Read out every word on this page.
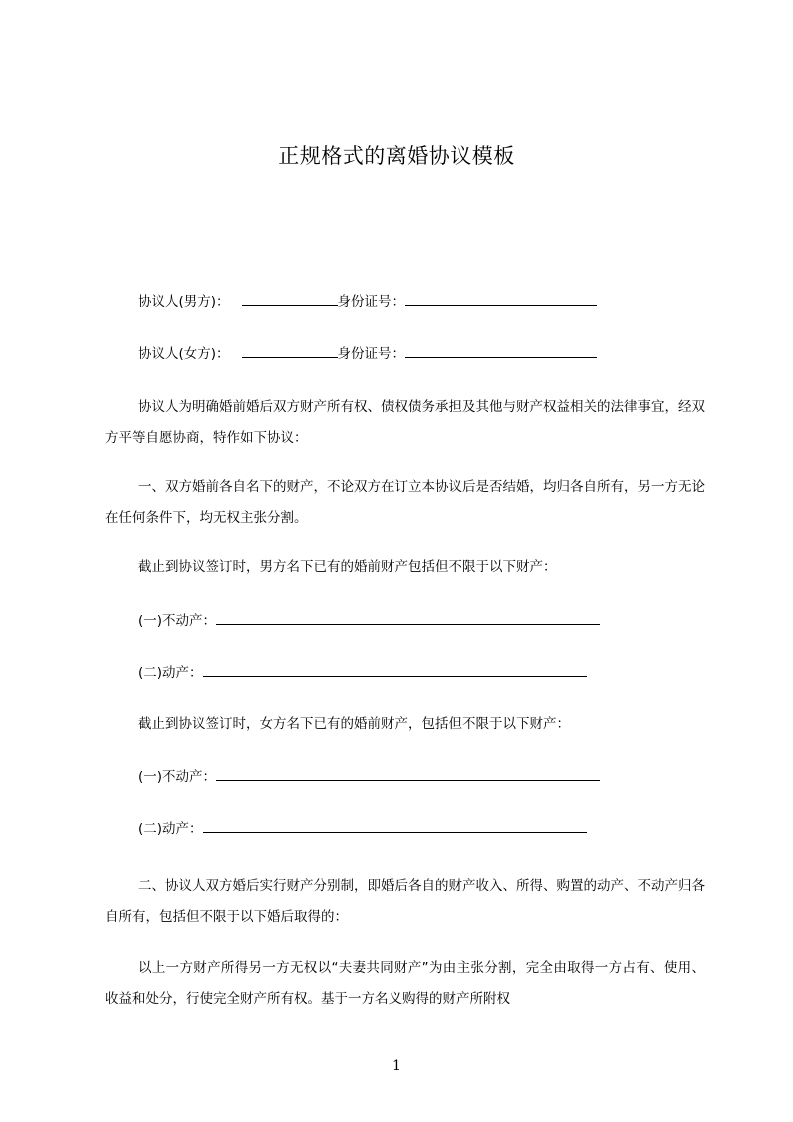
正规格式的离婚协议模板
协议人(男方)：	身份证号：
协议人(女方)：	身份证号：
协议人为明确婚前婚后双方财产所有权、债权债务承担及其他与财产权益相关的法律事宜，经双方平等自愿协商，特作如下协议：
一、双方婚前各自名下的财产，不论双方在订立本协议后是否结婚，均归各自所有，另一方无论在任何条件下，均无权主张分割。
截止到协议签订时，男方名下已有的婚前财产包括但不限于以下财产：
(一)不动产：
(二)动产：
截止到协议签订时，女方名下已有的婚前财产，包括但不限于以下财产：
(一)不动产：
(二)动产：
二、协议人双方婚后实行财产分别制，即婚后各自的财产收入、所得、购置的动产、不动产归各自所有，包括但不限于以下婚后取得的：
以上一方财产所得另一方无权以“夫妻共同财产”为由主张分割，完全由取得一方占有、使用、收益和处分，行使完全财产所有权。基于一方名义购得的财产所附权
1
